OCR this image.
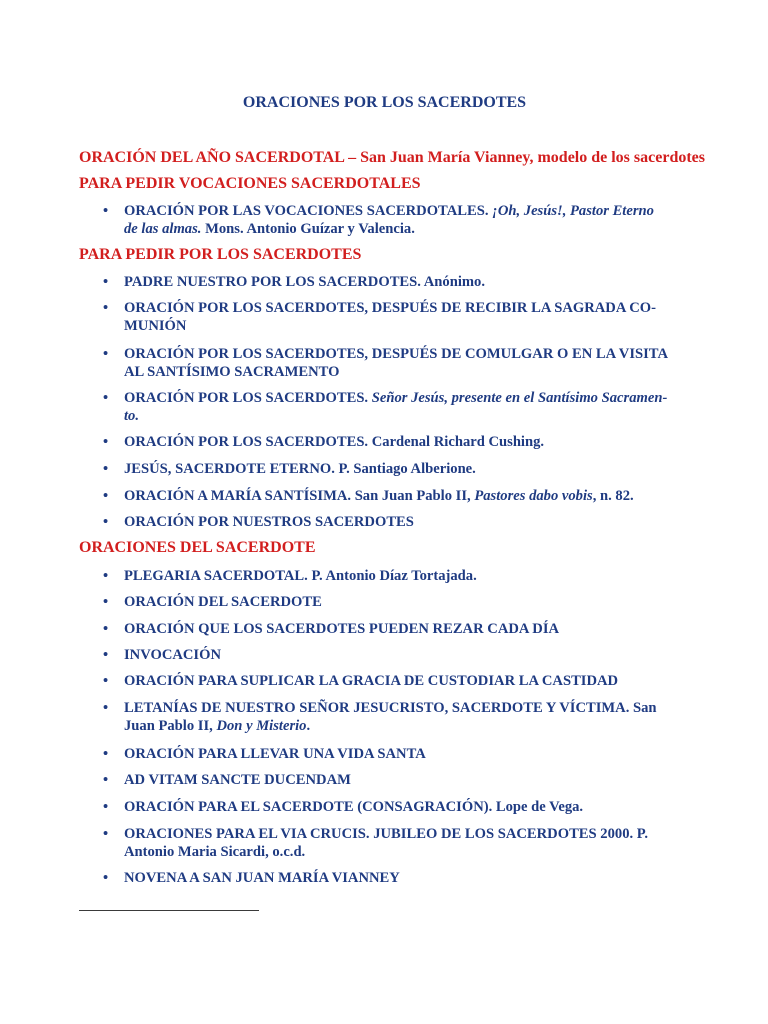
ORACIONES POR LOS SACERDOTES
ORACIÓN DEL AÑO SACERDOTAL – San Juan María Vianney, modelo de los sacerdotes
PARA PEDIR VOCACIONES SACERDOTALES
• ORACIÓN POR LAS VOCACIONES SACERDOTALES. ¡Oh, Jesús!, Pastor Eterno
de las almas. Mons. Antonio Guízar y Valencia.
PARA PEDIR POR LOS SACERDOTES
• PADRE NUESTRO POR LOS SACERDOTES. Anónimo.
• ORACIÓN POR LOS SACERDOTES, DESPUÉS DE RECIBIR LA SAGRADA CO-
MUNIÓN
• ORACIÓN POR LOS SACERDOTES, DESPUÉS DE COMULGAR O EN LA VISITA
AL SANTÍSIMO SACRAMENTO
• ORACIÓN POR LOS SACERDOTES. Señor Jesús, presente en el Santísimo Sacramen-
to.
• ORACIÓN POR LOS SACERDOTES. Cardenal Richard Cushing.
• JESÚS, SACERDOTE ETERNO. P. Santiago Alberione.
• ORACIÓN A MARÍA SANTÍSIMA. San Juan Pablo II, Pastores dabo vobis, n. 82.
• ORACIÓN POR NUESTROS SACERDOTES
ORACIONES DEL SACERDOTE
• PLEGARIA SACERDOTAL. P. Antonio Díaz Tortajada.
• ORACIÓN DEL SACERDOTE
• ORACIÓN QUE LOS SACERDOTES PUEDEN REZAR CADA DÍA
• INVOCACIÓN
• ORACIÓN PARA SUPLICAR LA GRACIA DE CUSTODIAR LA CASTIDAD
• LETANÍAS DE NUESTRO SEÑOR JESUCRISTO, SACERDOTE Y VÍCTIMA. San
Juan Pablo II, Don y Misterio.
• ORACIÓN PARA LLEVAR UNA VIDA SANTA
• AD VITAM SANCTE DUCENDAM
• ORACIÓN PARA EL SACERDOTE (CONSAGRACIÓN). Lope de Vega.
• ORACIONES PARA EL VIA CRUCIS. JUBILEO DE LOS SACERDOTES 2000. P.
Antonio Maria Sicardi, o.c.d.
• NOVENA A SAN JUAN MARÍA VIANNEY
